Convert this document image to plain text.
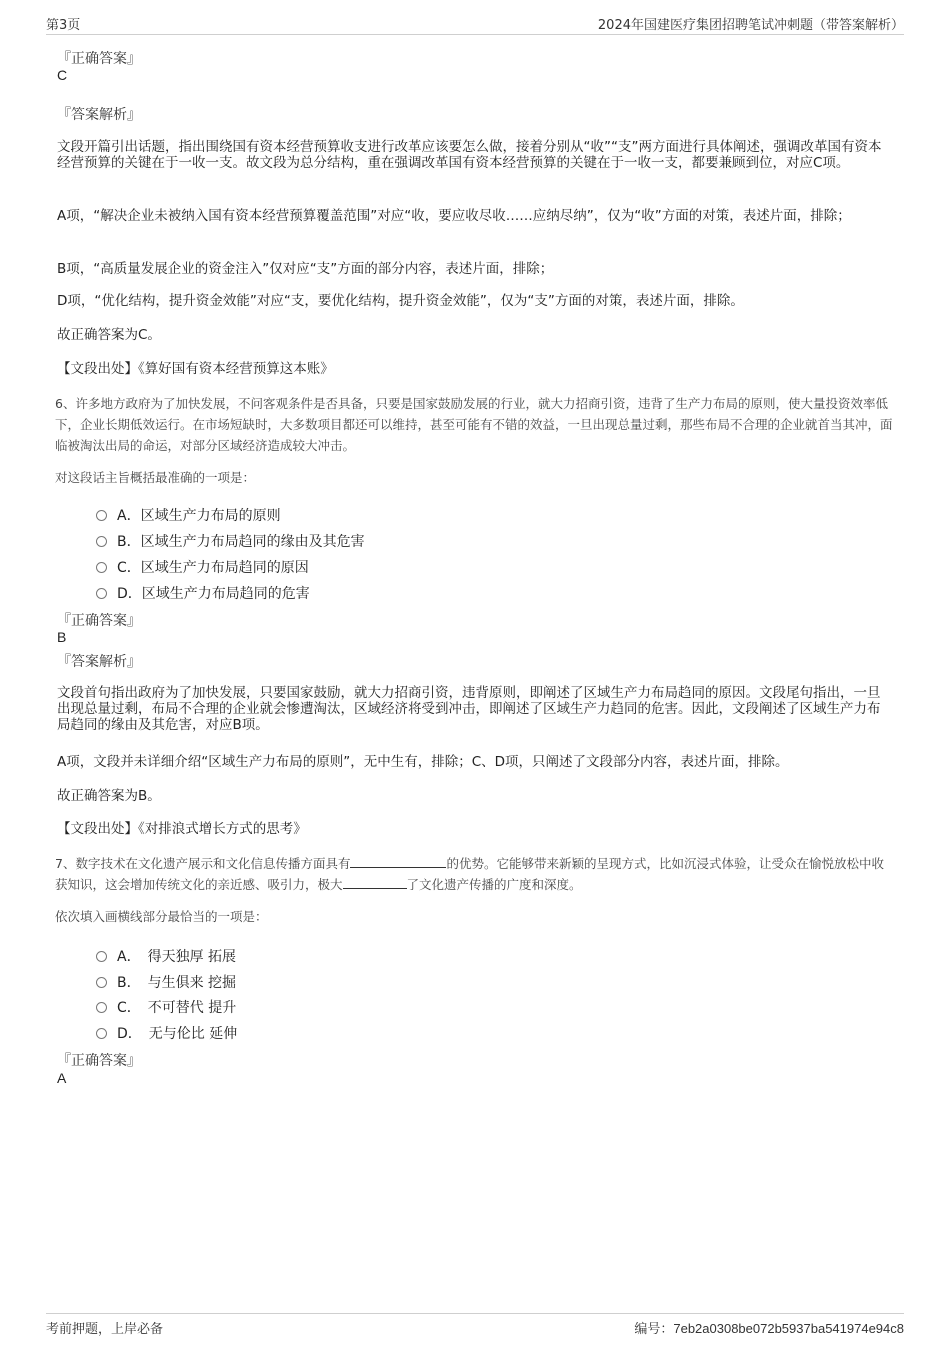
第3页	2024年国建医疗集团招聘笔试冲刺题（带答案解析）
『正确答案』
C
『答案解析』
文段开篇引出话题，指出围绕国有资本经营预算收支进行改革应该要怎么做，接着分别从“收”“支”两方面进行具体阐述，强调改革国有资本经营预算的关键在于一收一支。故文段为总分结构，重在强调改革国有资本经营预算的关键在于一收一支，都要兼顾到位，对应C项。
A项，“解决企业未被纳入国有资本经营预算覆盖范围”对应“收，要应收尽收……应纳尽纳”，仅为“收”方面的对策，表述片面，排除；
B项，“高质量发展企业的资金注入”仅对应“支”方面的部分内容，表述片面，排除；
D项，“优化结构，提升资金效能”对应“支，要优化结构，提升资金效能”，仅为“支”方面的对策，表述片面，排除。
故正确答案为C。
【文段出处】《算好国有资本经营预算这本账》
6、许多地方政府为了加快发展，不问客观条件是否具备，只要是国家鼓励发展的行业，就大力招商引资，违背了生产力布局的原则，使大量投资效率低下，企业长期低效运行。在市场短缺时，大多数项目都还可以维持，甚至可能有不错的效益，一旦出现总量过剩，那些布局不合理的企业就首当其冲，面临被淘汰出局的命运，对部分区域经济造成较大冲击。
对这段话主旨概括最准确的一项是：
A．区域生产力布局的原则
B．区域生产力布局趋同的缘由及其危害
C．区域生产力布局趋同的原因
D．区域生产力布局趋同的危害
『正确答案』
B
『答案解析』
文段首句指出政府为了加快发展，只要国家鼓励，就大力招商引资，违背原则，即阐述了区域生产力布局趋同的原因。文段尾句指出，一旦出现总量过剩，布局不合理的企业就会惨遭淘汰，区域经济将受到冲击，即阐述了区域生产力趋同的危害。因此，文段阐述了区域生产力布局趋同的缘由及其危害，对应B项。
A项，文段并未详细介绍“区域生产力布局的原则”，无中生有，排除；C、D项，只阐述了文段部分内容，表述片面，排除。
故正确答案为B。
【文段出处】《对排浪式增长方式的思考》
7、数字技术在文化遗产展示和文化信息传播方面具有	的优势。它能够带来新颖的呈现方式，比如沉浸式体验，让受众在愉悦放松中收获知识，这会增加传统文化的亲近感、吸引力，极大	了文化遗产传播的广度和深度。
依次填入画横线部分最恰当的一项是：
A．　得天独厚 拓展
B．　与生俱来 挖掘
C．　不可替代 提升
D．　无与伦比 延伸
『正确答案』
A
考前押题，上岸必备	编号：7eb2a0308be072b5937ba541974e94c8
